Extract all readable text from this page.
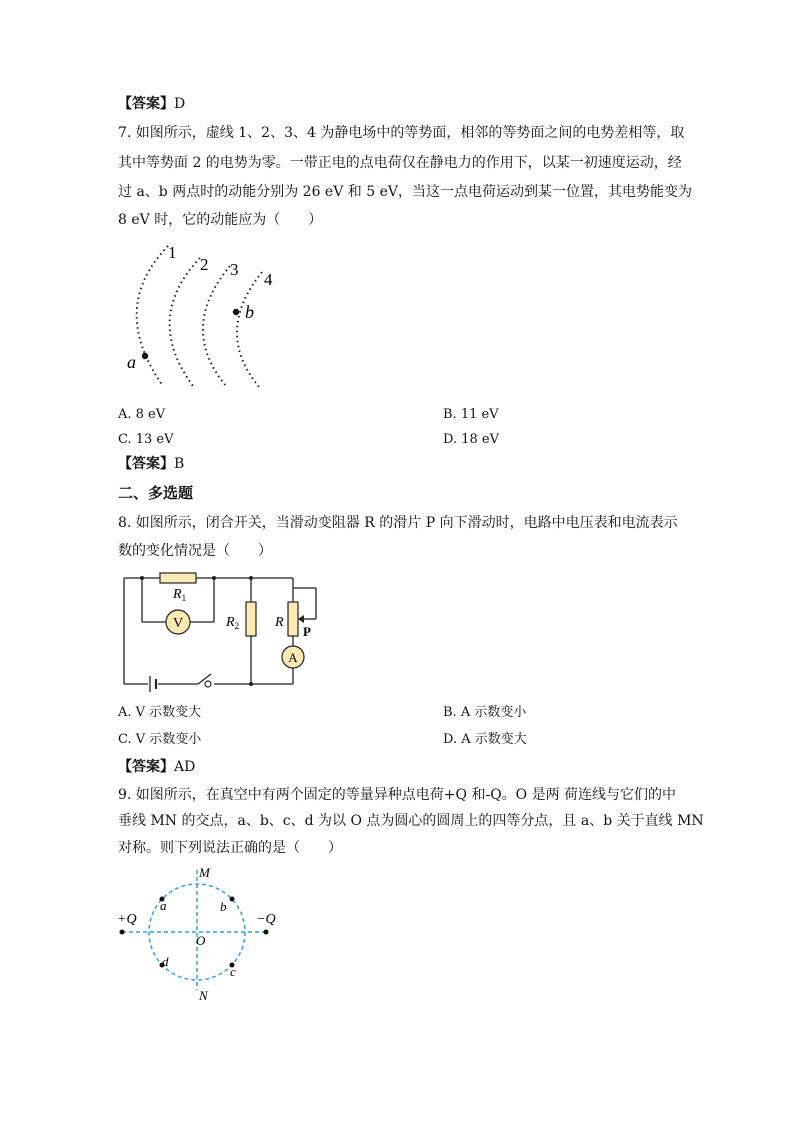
【答案】D
7. 如图所示，虚线 1、2、3、4 为静电场中的等势面，相邻的等势面之间的电势差相等，取
其中等势面 2 的电势为零。一带正电的点电荷仅在静电力的作用下，以某一初速度运动，经
过 a、b 两点时的动能分别为 26 eV 和 5 eV，当这一点电荷运动到某一位置，其电势能变为
8 eV 时，它的动能应为（　　）
1
2 3
4
a
b
A. 8 eV	B. 11 eV
C. 13 eV	D. 18 eV
【答案】B
二、多选题
8. 如图所示，闭合开关，当滑动变阻器 R 的滑片 P 向下滑动时，电路中电压表和电流表示
数的变化情况是（　　）
$R_1$
$R_2$	R
P
V
A
A. V 示数变大	B. A 示数变小
C. V 示数变小	D. A 示数变大
【答案】AD
9. 如图所示，在真空中有两个固定的等量异种点电荷+Q 和-Q。O 是两 荷连线与它们的中
垂线 MN 的交点，a、b、c、d 为以 O 点为圆心的圆周上的四等分点，且 a、b 关于直线 MN
对称。则下列说法正确的是（　　）
+Q	−Q
M
N
O
a	b
c
d
